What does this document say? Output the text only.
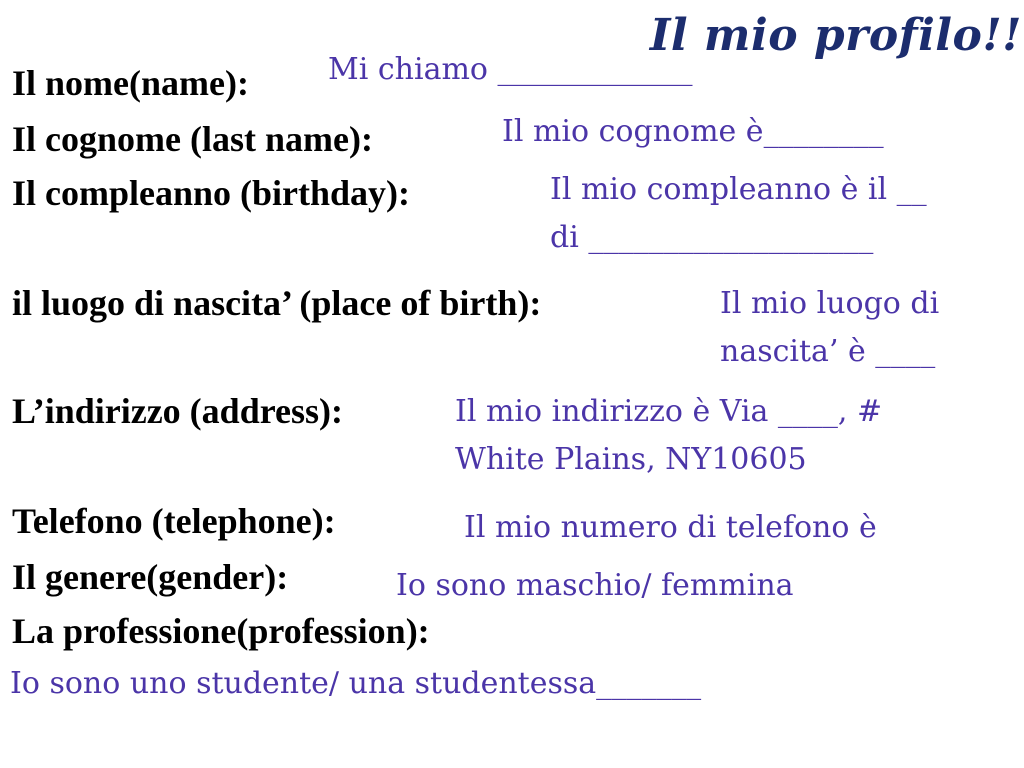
Il mio profilo!!
Il nome(name):	Mi chiamo _____________
Il cognome (last name):	Il mio cognome è________
Il compleanno (birthday):	Il mio compleanno è il __
di ___________________
il luogo di nascita’ (place of birth):	Il mio luogo di
nascita’ è ____
L’indirizzo (address):	Il mio indirizzo è Via ____, #
White Plains, NY10605
Telefono (telephone):	Il mio numero di telefono è
Il genere(gender):	Io sono maschio/ femmina
La professione(profession):
Io sono uno studente/ una studentessa_______
